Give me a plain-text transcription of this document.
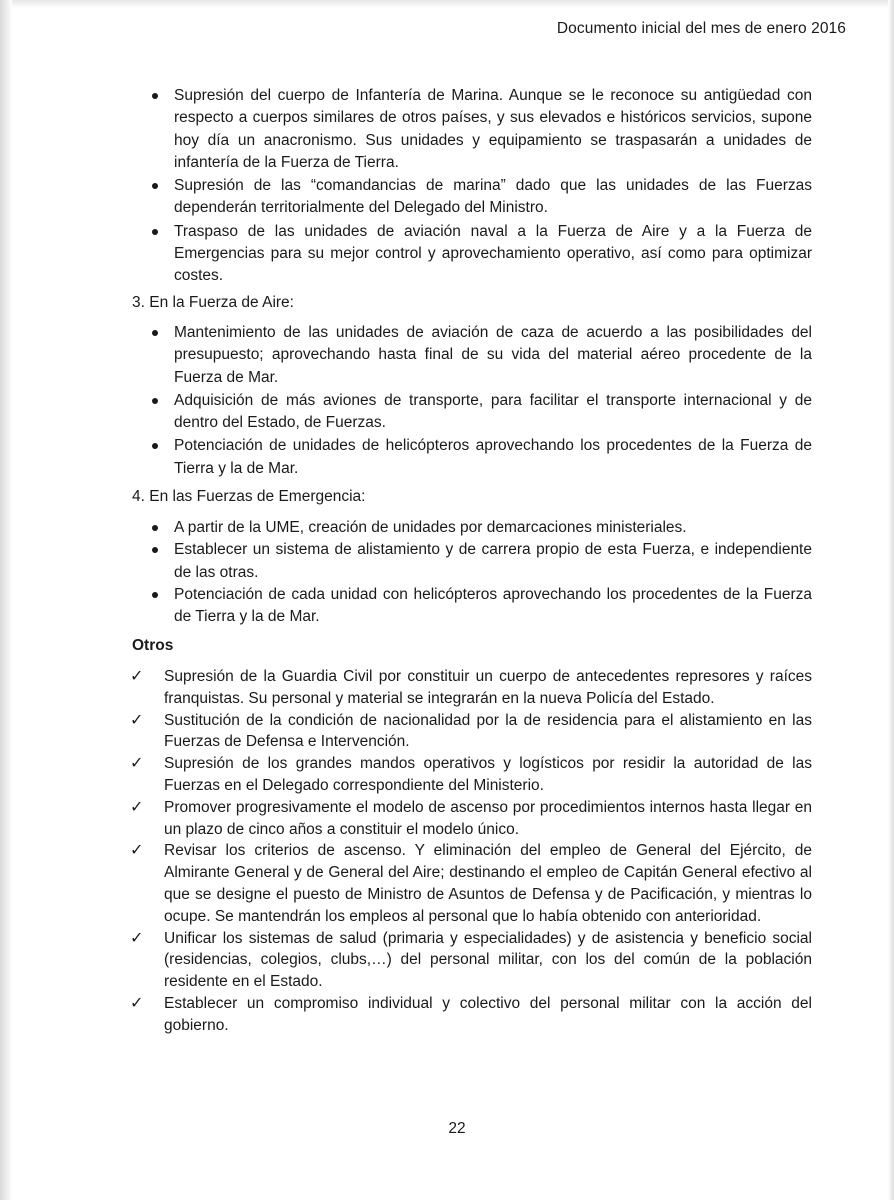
Documento inicial del mes de enero 2016
Supresión del cuerpo de Infantería de Marina. Aunque se le reconoce su antigüedad con respecto a cuerpos similares de otros países, y sus elevados e históricos servicios, supone hoy día un anacronismo. Sus unidades y equipamiento se traspasarán a unidades de infantería de la Fuerza de Tierra.
Supresión de las “comandancias de marina” dado que las unidades de las Fuerzas dependerán territorialmente del Delegado del Ministro.
Traspaso de las unidades de aviación naval a la Fuerza de Aire y a la Fuerza de Emergencias para su mejor control y aprovechamiento operativo, así como para optimizar costes.
3. En la Fuerza de Aire:
Mantenimiento de las unidades de aviación de caza de acuerdo a las posibilidades del presupuesto; aprovechando hasta final de su vida del material aéreo procedente de la Fuerza de Mar.
Adquisición de más aviones de transporte, para facilitar el transporte internacional y de dentro del Estado, de Fuerzas.
Potenciación de unidades de helicópteros aprovechando los procedentes de la Fuerza de Tierra y la de Mar.
4. En las Fuerzas de Emergencia:
A partir de la UME, creación de unidades por demarcaciones ministeriales.
Establecer un sistema de alistamiento y de carrera propio de esta Fuerza, e independiente de las otras.
Potenciación de cada unidad con helicópteros aprovechando los procedentes de la Fuerza de Tierra y la de Mar.
Otros
✓ Supresión de la Guardia Civil por constituir un cuerpo de antecedentes represores y raíces franquistas. Su personal y material se integrarán en la nueva Policía del Estado.
✓ Sustitución de la condición de nacionalidad por la de residencia para el alistamiento en las Fuerzas de Defensa e Intervención.
✓ Supresión de los grandes mandos operativos y logísticos por residir la autoridad de las Fuerzas en el Delegado correspondiente del Ministerio.
✓ Promover progresivamente el modelo de ascenso por procedimientos internos hasta llegar en un plazo de cinco años a constituir el modelo único.
✓ Revisar los criterios de ascenso. Y eliminación del empleo de General del Ejército, de Almirante General y de General del Aire; destinando el empleo de Capitán General efectivo al que se designe el puesto de Ministro de Asuntos de Defensa y de Pacificación, y mientras lo ocupe. Se mantendrán los empleos al personal que lo había obtenido con anterioridad.
✓ Unificar los sistemas de salud (primaria y especialidades) y de asistencia y beneficio social (residencias, colegios, clubs,…) del personal militar, con los del común de la población residente en el Estado.
✓ Establecer un compromiso individual y colectivo del personal militar con la acción del gobierno.
22
